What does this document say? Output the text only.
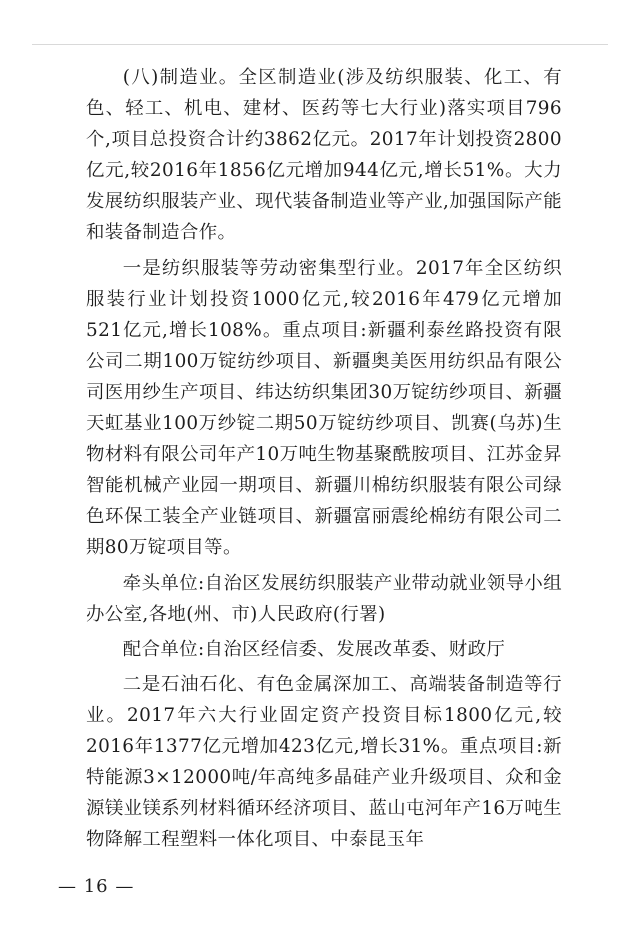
(八)制造业。全区制造业(涉及纺织服装、化工、有色、轻工、机电、建材、医药等七大行业)落实项目796个,项目总投资合计约3862亿元。2017年计划投资2800亿元,较2016年1856亿元增加944亿元,增长51%。大力发展纺织服装产业、现代装备制造业等产业,加强国际产能和装备制造合作。

一是纺织服装等劳动密集型行业。2017年全区纺织服装行业计划投资1000亿元,较2016年479亿元增加521亿元,增长108%。重点项目:新疆利泰丝路投资有限公司二期100万锭纺纱项目、新疆奥美医用纺织品有限公司医用纱生产项目、纬达纺织集团30万锭纺纱项目、新疆天虹基业100万纱锭二期50万锭纺纱项目、凯赛(乌苏)生物材料有限公司年产10万吨生物基聚酰胺项目、江苏金昇智能机械产业园一期项目、新疆川棉纺织服装有限公司绿色环保工装全产业链项目、新疆富丽震纶棉纺有限公司二期80万锭项目等。

牵头单位:自治区发展纺织服装产业带动就业领导小组办公室,各地(州、市)人民政府(行署)

配合单位:自治区经信委、发展改革委、财政厅

二是石油石化、有色金属深加工、高端装备制造等行业。2017年六大行业固定资产投资目标1800亿元,较2016年1377亿元增加423亿元,增长31%。重点项目:新特能源3×12000吨/年高纯多晶硅产业升级项目、众和金源镁业镁系列材料循环经济项目、蓝山屯河年产16万吨生物降解工程塑料一体化项目、中泰昆玉年

— 16 —
